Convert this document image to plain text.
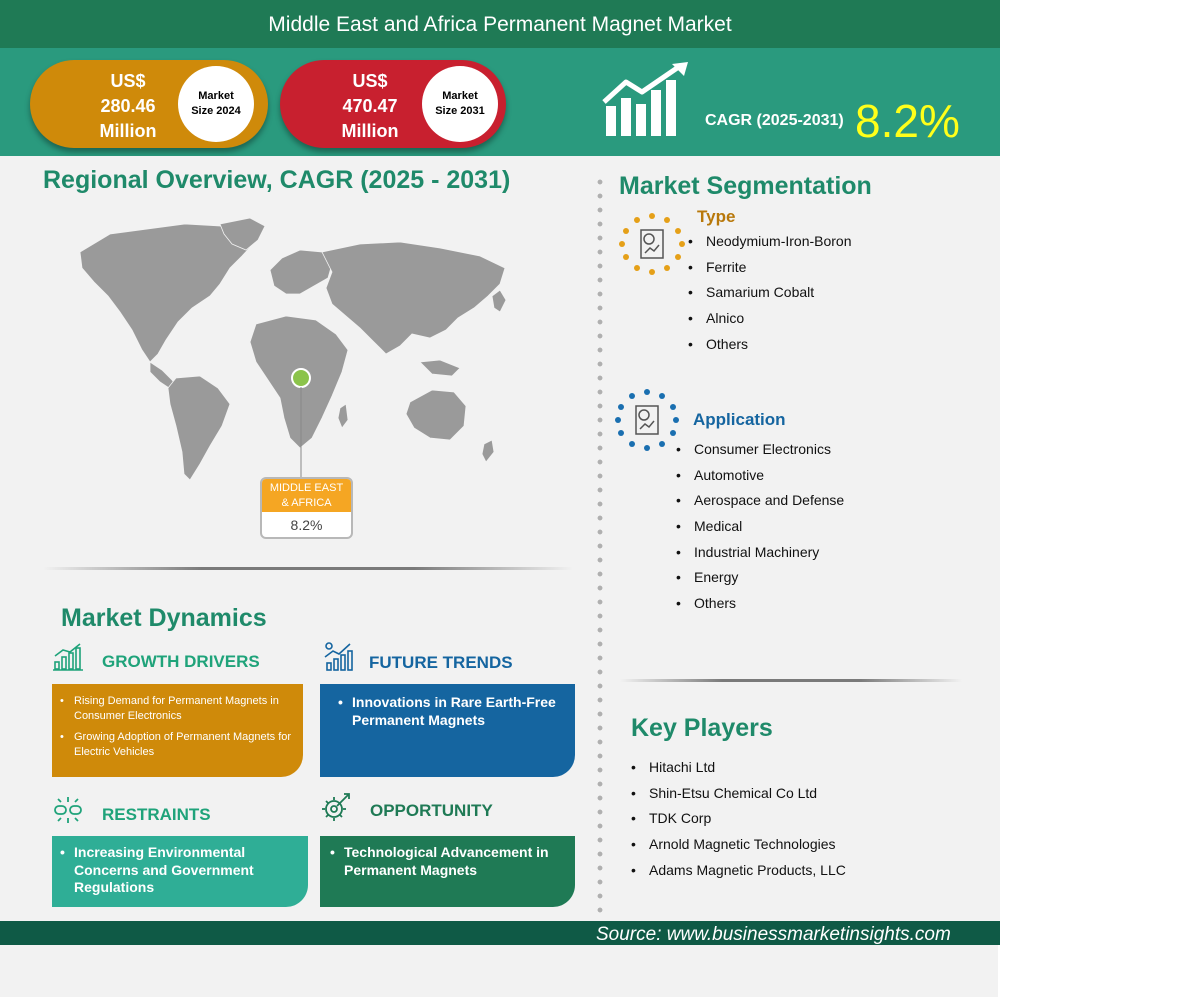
Middle East and Africa Permanent Magnet Market
US$
280.46
Million
Market
Size 2024
US$
470.47
Million
Market
Size 2031
CAGR (2025-2031) 8.2%
Regional Overview, CAGR (2025 - 2031)
MIDDLE EAST
& AFRICA
8.2%
Market Segmentation
Type
• Neodymium-Iron-Boron
• Ferrite
• Samarium Cobalt
• Alnico
• Others
Application
• Consumer Electronics
• Automotive
• Aerospace and Defense
• Medical
• Industrial Machinery
• Energy
• Others
Key Players
• Hitachi Ltd
• Shin-Etsu Chemical Co Ltd
• TDK Corp
• Arnold Magnetic Technologies
• Adams Magnetic Products, LLC
Market Dynamics
GROWTH DRIVERS	FUTURE TRENDS
• Rising Demand for Permanent Magnets in Consumer Electronics
• Growing Adoption of Permanent Magnets for Electric Vehicles
• Innovations in Rare Earth-Free Permanent Magnets
RESTRAINTS	OPPORTUNITY
• Increasing Environmental Concerns and Government Regulations
• Technological Advancement in Permanent Magnets
Source: www.businessmarketinsights.com
